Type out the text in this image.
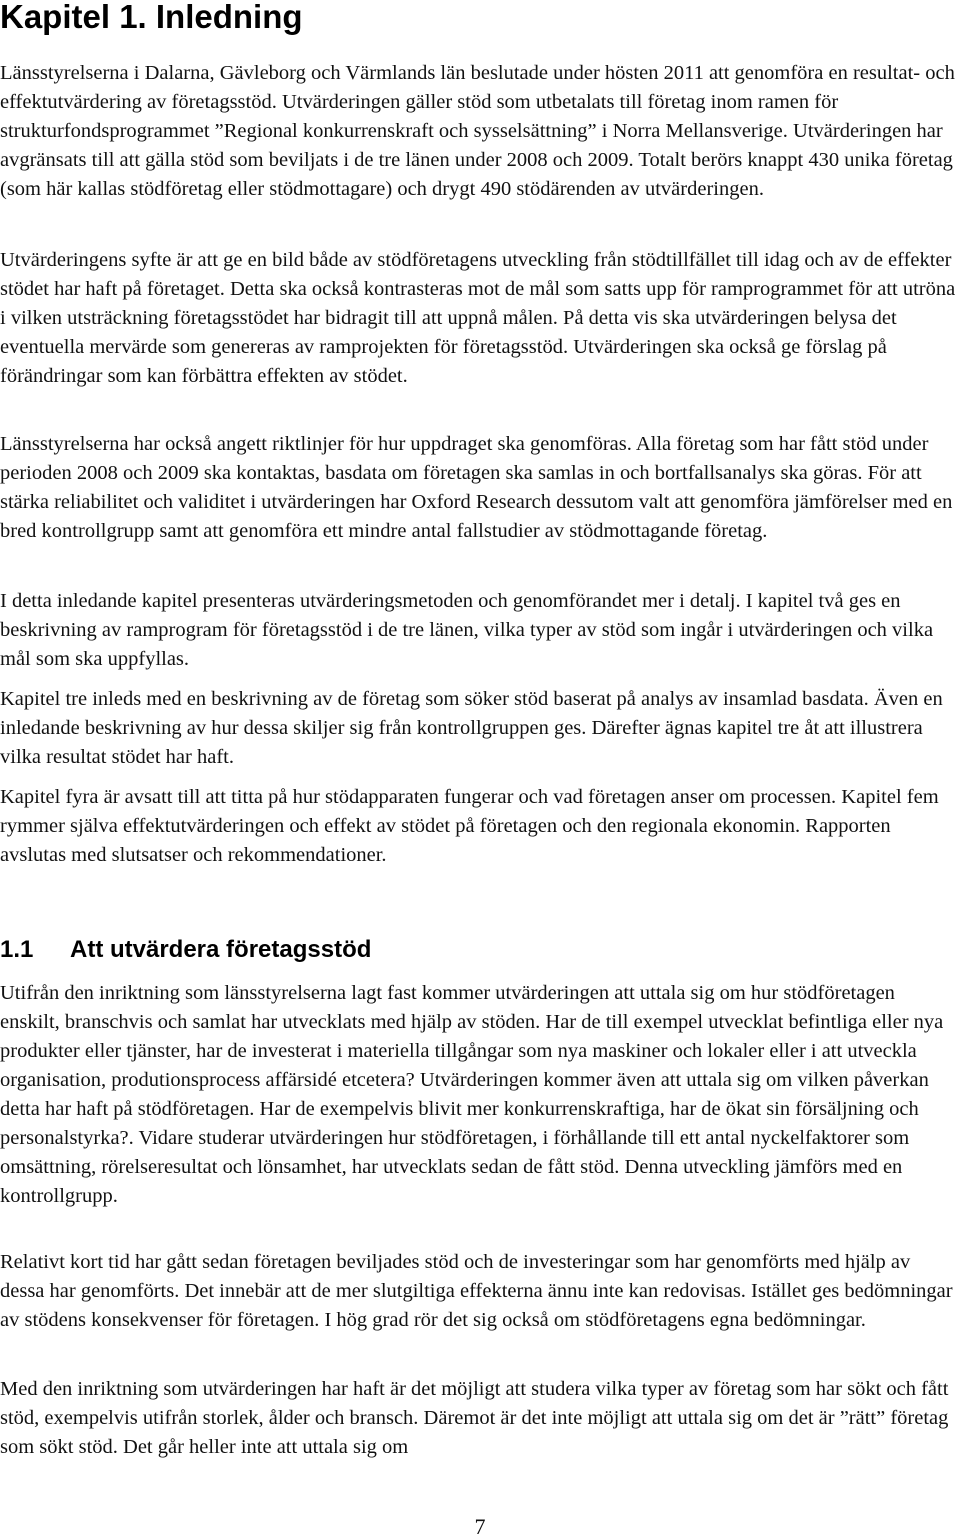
Kapitel 1. Inledning

Länsstyrelserna i Dalarna, Gävleborg och Värmlands län beslutade under hösten 2011 att genomföra en resultat- och effektutvärdering av företagsstöd. Utvärderingen gäller stöd som utbetalats till företag inom ramen för strukturfondsprogrammet ”Regional konkurrenskraft och sysselsättning” i Norra Mellansverige. Utvärderingen har avgränsats till att gälla stöd som beviljats i de tre länen under 2008 och 2009. Totalt berörs knappt 430 unika företag (som här kallas stödföretag eller stödmottagare) och drygt 490 stödärenden av utvärderingen.

Utvärderingens syfte är att ge en bild både av stödföretagens utveckling från stödtillfället till idag och av de effekter stödet har haft på företaget. Detta ska också kontrasteras mot de mål som satts upp för ramprogrammet för att utröna i vilken utsträckning företagsstödet har bidragit till att uppnå målen. På detta vis ska utvärderingen belysa det eventuella mervärde som genereras av ramprojekten för företagsstöd. Utvärderingen ska också ge förslag på förändringar som kan förbättra effekten av stödet.

Länsstyrelserna har också angett riktlinjer för hur uppdraget ska genomföras. Alla företag som har fått stöd under perioden 2008 och 2009 ska kontaktas, basdata om företagen ska samlas in och bortfallsanalys ska göras. För att stärka reliabilitet och validitet i utvärderingen har Oxford Research dessutom valt att genomföra jämförelser med en bred kontrollgrupp samt att genomföra ett mindre antal fallstudier av stödmottagande företag.

I detta inledande kapitel presenteras utvärderingsmetoden och genomförandet mer i detalj. I kapitel två ges en beskrivning av ramprogram för företagsstöd i de tre länen, vilka typer av stöd som ingår i utvärderingen och vilka mål som ska uppfyllas.

Kapitel tre inleds med en beskrivning av de företag som söker stöd baserat på analys av insamlad basdata. Även en inledande beskrivning av hur dessa skiljer sig från kontrollgruppen ges. Därefter ägnas kapitel tre åt att illustrera vilka resultat stödet har haft.

Kapitel fyra är avsatt till att titta på hur stödapparaten fungerar och vad företagen anser om processen. Kapitel fem rymmer själva effektutvärderingen och effekt av stödet på företagen och den regionala ekonomin. Rapporten avslutas med slutsatser och rekommendationer.

1.1 Att utvärdera företagsstöd

Utifrån den inriktning som länsstyrelserna lagt fast kommer utvärderingen att uttala sig om hur stödföretagen enskilt, branschvis och samlat har utvecklats med hjälp av stöden. Har de till exempel utvecklat befintliga eller nya produkter eller tjänster, har de investerat i materiella tillgångar som nya maskiner och lokaler eller i att utveckla organisation, produtionsprocess affärsidé etcetera? Utvärderingen kommer även att uttala sig om vilken påverkan detta har haft på stödföretagen. Har de exempelvis blivit mer konkurrenskraftiga, har de ökat sin försäljning och personalstyrka?. Vidare studerar utvärderingen hur stödföretagen, i förhållande till ett antal nyckelfaktorer som omsättning, rörelseresultat och lönsamhet, har utvecklats sedan de fått stöd. Denna utveckling jämförs med en kontrollgrupp.

Relativt kort tid har gått sedan företagen beviljades stöd och de investeringar som har genomförts med hjälp av dessa har genomförts. Det innebär att de mer slutgiltiga effekterna ännu inte kan redovisas. Istället ges bedömningar av stödens konsekvenser för företagen. I hög grad rör det sig också om stödföretagens egna bedömningar.

Med den inriktning som utvärderingen har haft är det möjligt att studera vilka typer av företag som har sökt och fått stöd, exempelvis utifrån storlek, ålder och bransch. Däremot är det inte möjligt att uttala sig om det är ”rätt” företag som sökt stöd. Det går heller inte att uttala sig om

7
